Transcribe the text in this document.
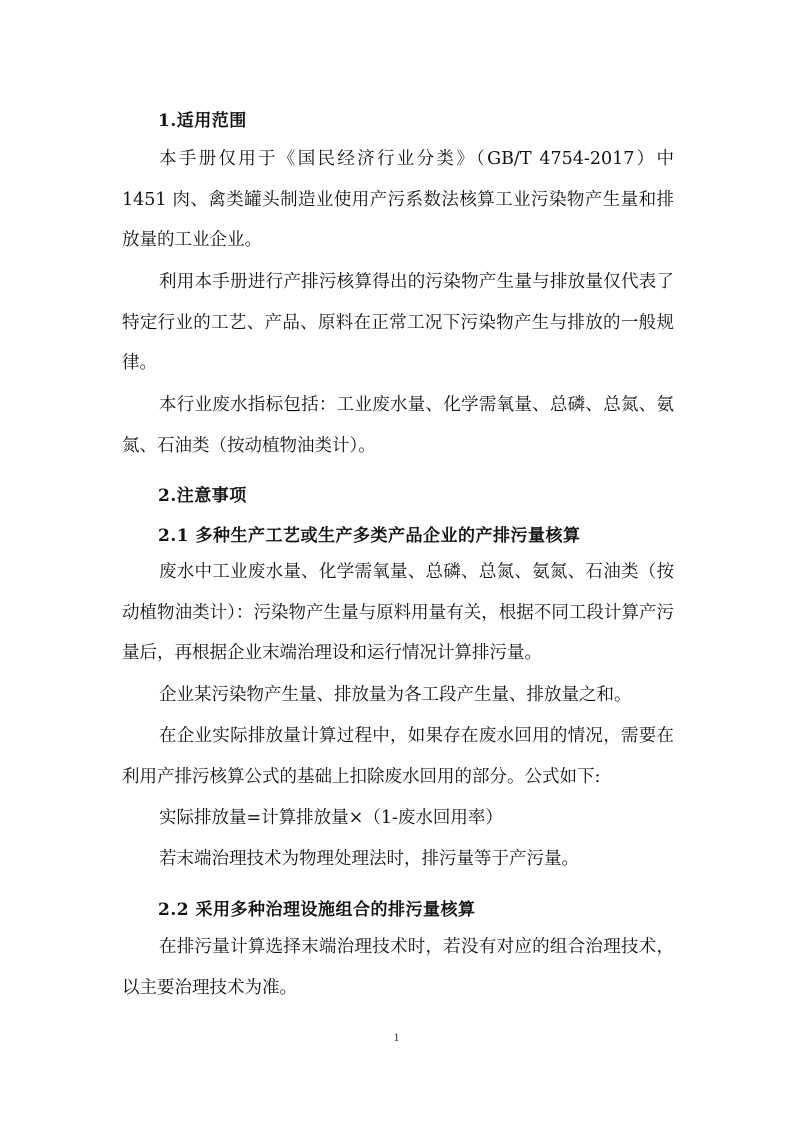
1.适用范围

本手册仅用于《国民经济行业分类》（GB/T 4754-2017）中 1451 肉、禽类罐头制造业使用产污系数法核算工业污染物产生量和排放量的工业企业。

利用本手册进行产排污核算得出的污染物产生量与排放量仅代表了特定行业的工艺、产品、原料在正常工况下污染物产生与排放的一般规律。

本行业废水指标包括：工业废水量、化学需氧量、总磷、总氮、氨氮、石油类（按动植物油类计）。

2.注意事项
2.1 多种生产工艺或生产多类产品企业的产排污量核算

废水中工业废水量、化学需氧量、总磷、总氮、氨氮、石油类（按动植物油类计）：污染物产生量与原料用量有关，根据不同工段计算产污量后，再根据企业末端治理设和运行情况计算排污量。

企业某污染物产生量、排放量为各工段产生量、排放量之和。

在企业实际排放量计算过程中，如果存在废水回用的情况，需要在利用产排污核算公式的基础上扣除废水回用的部分。公式如下:

实际排放量=计算排放量×（1-废水回用率）

若末端治理技术为物理处理法时，排污量等于产污量。

2.2 采用多种治理设施组合的排污量核算

在排污量计算选择末端治理技术时，若没有对应的组合治理技术，以主要治理技术为准。

1
